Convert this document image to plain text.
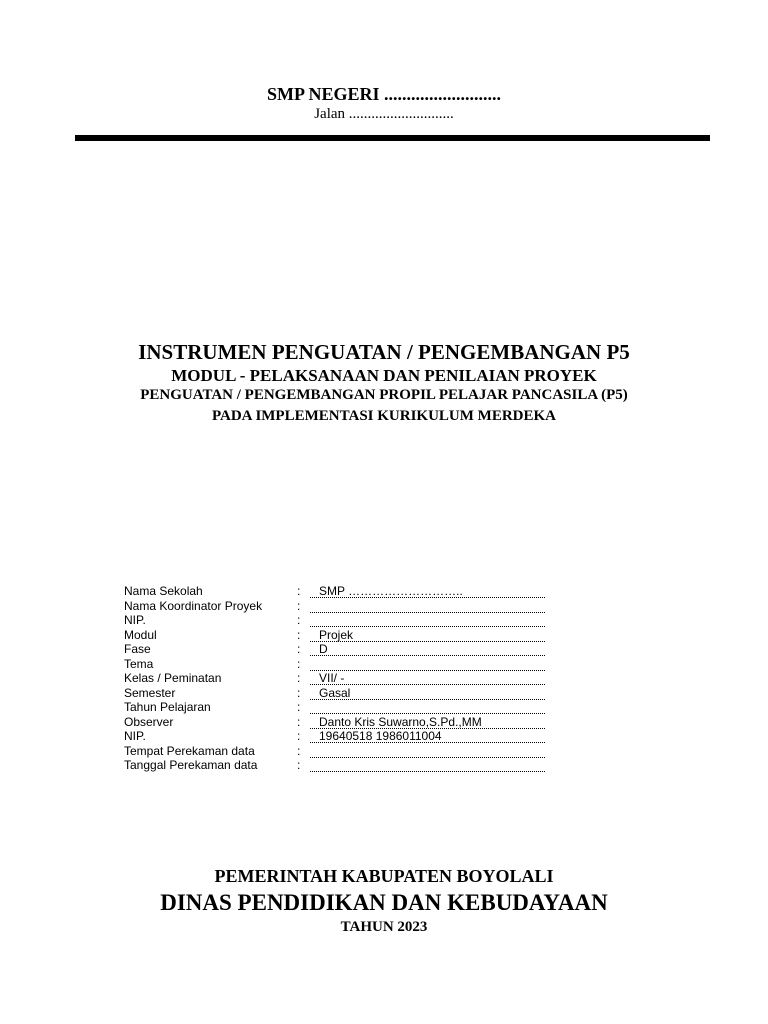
SMP NEGERI ..........................
Jalan ............................
INSTRUMEN PENGUATAN / PENGEMBANGAN P5
MODUL - PELAKSANAAN DAN PENILAIAN PROYEK
PENGUATAN / PENGEMBANGAN PROPIL PELAJAR PANCASILA (P5)
PADA IMPLEMENTASI KURIKULUM MERDEKA
Nama Sekolah	:	SMP ………………………..
Nama Koordinator Proyek	:
NIP.	:
Modul	:	Projek
Fase	:	D
Tema	:
Kelas / Peminatan	:	VII/ -
Semester	:	Gasal
Tahun Pelajaran	:
Observer	:	Danto Kris Suwarno,S.Pd.,MM
NIP.	:	19640518 1986011004
Tempat Perekaman data	:
Tanggal Perekaman data	:
PEMERINTAH KABUPATEN BOYOLALI
DINAS PENDIDIKAN DAN KEBUDAYAAN
TAHUN 2023
